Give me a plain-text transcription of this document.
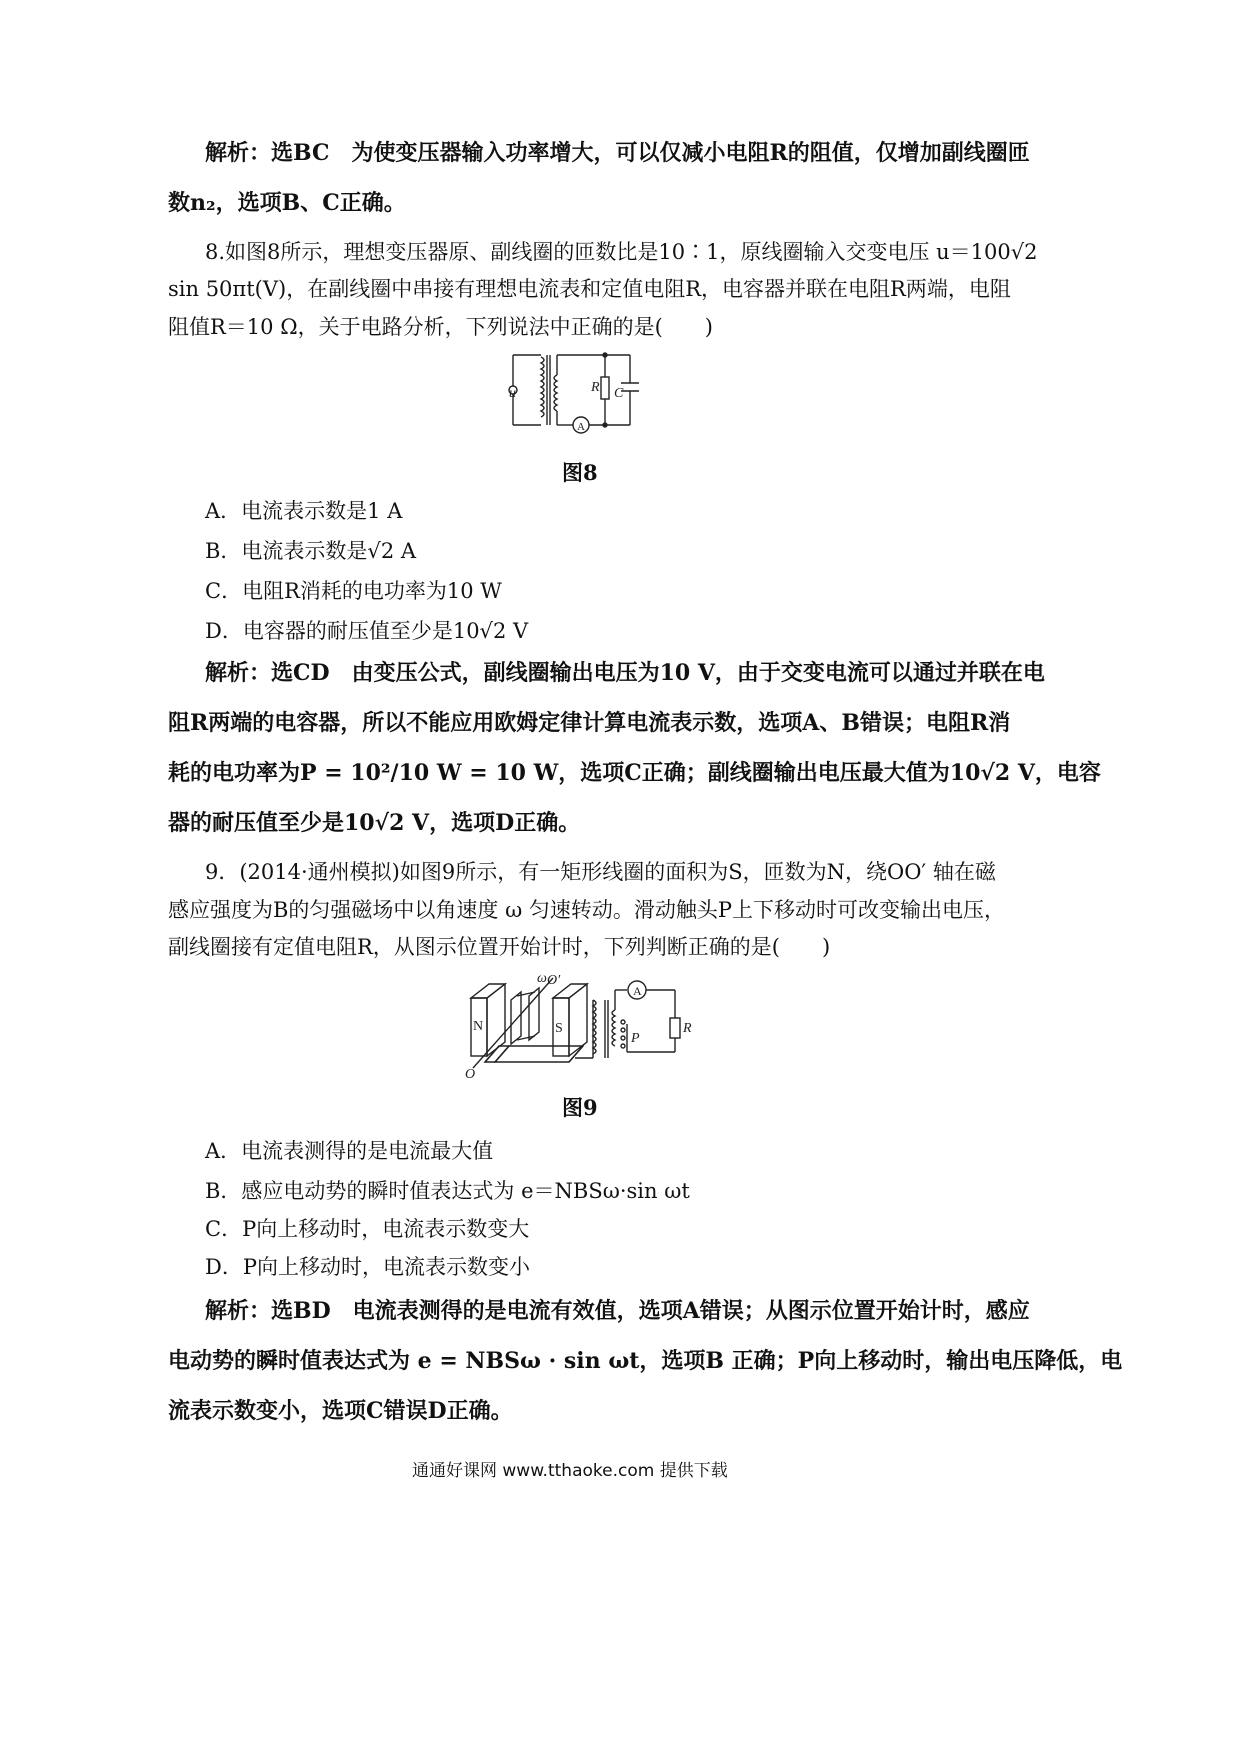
解析：选BC　为使变压器输入功率增大，可以仅减小电阻R的阻值，仅增加副线圈匝
数n₂，选项B、C正确。
8.如图8所示，理想变压器原、副线圈的匝数比是10∶1，原线圈输入交变电压 u＝100√2
sin 50πt(V)，在副线圈中串接有理想电流表和定值电阻R，电容器并联在电阻R两端，电阻
阻值R＝10 Ω，关于电路分析，下列说法中正确的是(　　)
u	R C
A
图8
A．电流表示数是1 A
B．电流表示数是√2 A
C．电阻R消耗的电功率为10 W
D．电容器的耐压值至少是10√2 V
解析：选CD　由变压公式，副线圈输出电压为10 V，由于交变电流可以通过并联在电
阻R两端的电容器，所以不能应用欧姆定律计算电流表示数，选项A、B错误；电阻R消
耗的电功率为P = 10²/10 W = 10 W，选项C正确；副线圈输出电压最大值为10√2 V，电容
器的耐压值至少是10√2 V，选项D正确。
9．(2014·通州模拟)如图9所示，有一矩形线圈的面积为S，匝数为N，绕OO′ 轴在磁
感应强度为B的匀强磁场中以角速度 ω 匀速转动。滑动触头P上下移动时可改变输出电压，
副线圈接有定值电阻R，从图示位置开始计时，下列判断正确的是(　　)
N	S
O
O′
ω
A
R
P
图9
A．电流表测得的是电流最大值
B．感应电动势的瞬时值表达式为 e＝NBSω·sin ωt
C．P向上移动时，电流表示数变大
D．P向上移动时，电流表示数变小
解析：选BD　电流表测得的是电流有效值，选项A错误；从图示位置开始计时，感应
电动势的瞬时值表达式为 e = NBSω · sin ωt，选项B 正确；P向上移动时，输出电压降低，电
流表示数变小，选项C错误D正确。
通通好课网 www.tthaoke.com 提供下载
